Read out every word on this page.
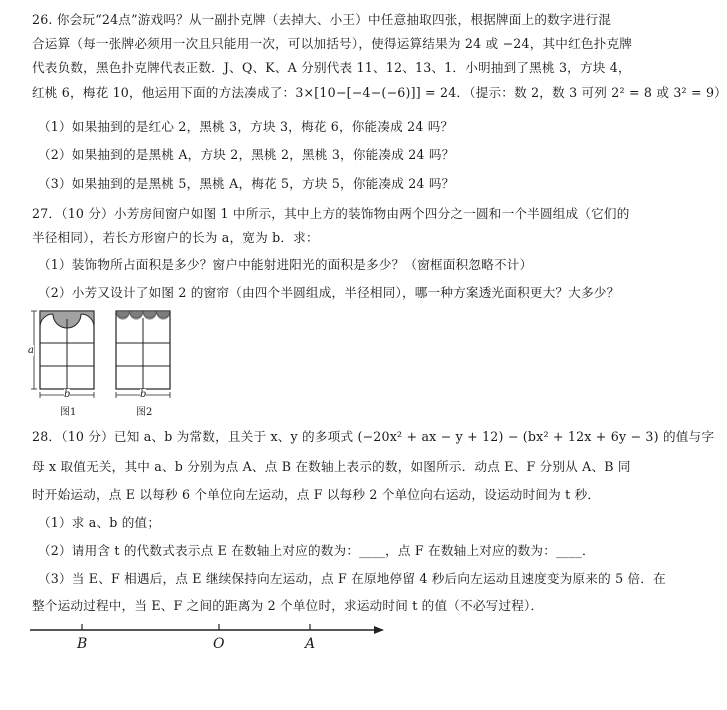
26. 你会玩“24点”游戏吗？从一副扑克牌（去掉大、小王）中任意抽取四张，根据牌面上的数字进行混
合运算（每一张牌必须用一次且只能用一次，可以加括号），使得运算结果为 24 或 −24，其中红色扑克牌
代表负数，黑色扑克牌代表正数．J、Q、K、A 分别代表 11、12、13、1．小明抽到了黑桃 3，方块 4，
红桃 6，梅花 10，他运用下面的方法凑成了：3×[10−[−4−(−6)]] = 24．（提示：数 2，数 3 可列 2² = 8 或 3² = 9）
（1）如果抽到的是红心 2，黑桃 3，方块 3，梅花 6，你能凑成 24 吗？
（2）如果抽到的是黑桃 A，方块 2，黑桃 2，黑桃 3，你能凑成 24 吗？
（3）如果抽到的是黑桃 5，黑桃 A，梅花 5，方块 5，你能凑成 24 吗？
27．（10 分）小芳房间窗户如图 1 中所示，其中上方的装饰物由两个四分之一圆和一个半圆组成（它们的
半径相同），若长方形窗户的长为 a，宽为 b．求：
（1）装饰物所占面积是多少？窗户中能射进阳光的面积是多少？（窗框面积忽略不计）
（2）小芳又设计了如图 2 的窗帘（由四个半圆组成，半径相同），哪一种方案透光面积更大？大多少？
a
b
图1
b
图2
28．（10 分）已知 a、b 为常数，且关于 x、y 的多项式 (−20x² + ax − y + 12) − (bx² + 12x + 6y − 3) 的值与字
母 x 取值无关，其中 a、b 分别为点 A、点 B 在数轴上表示的数，如图所示．动点 E、F 分别从 A、B 同
时开始运动，点 E 以每秒 6 个单位向左运动，点 F 以每秒 2 个单位向右运动，设运动时间为 t 秒．
（1）求 a、b 的值；
（2）请用含 t 的代数式表示点 E 在数轴上对应的数为：____，点 F 在数轴上对应的数为：____．
（3）当 E、F 相遇后，点 E 继续保持向左运动，点 F 在原地停留 4 秒后向左运动且速度变为原来的 5 倍．在
整个运动过程中，当 E、F 之间的距离为 2 个单位时，求运动时间 t 的值（不必写过程）．
B	O	A
